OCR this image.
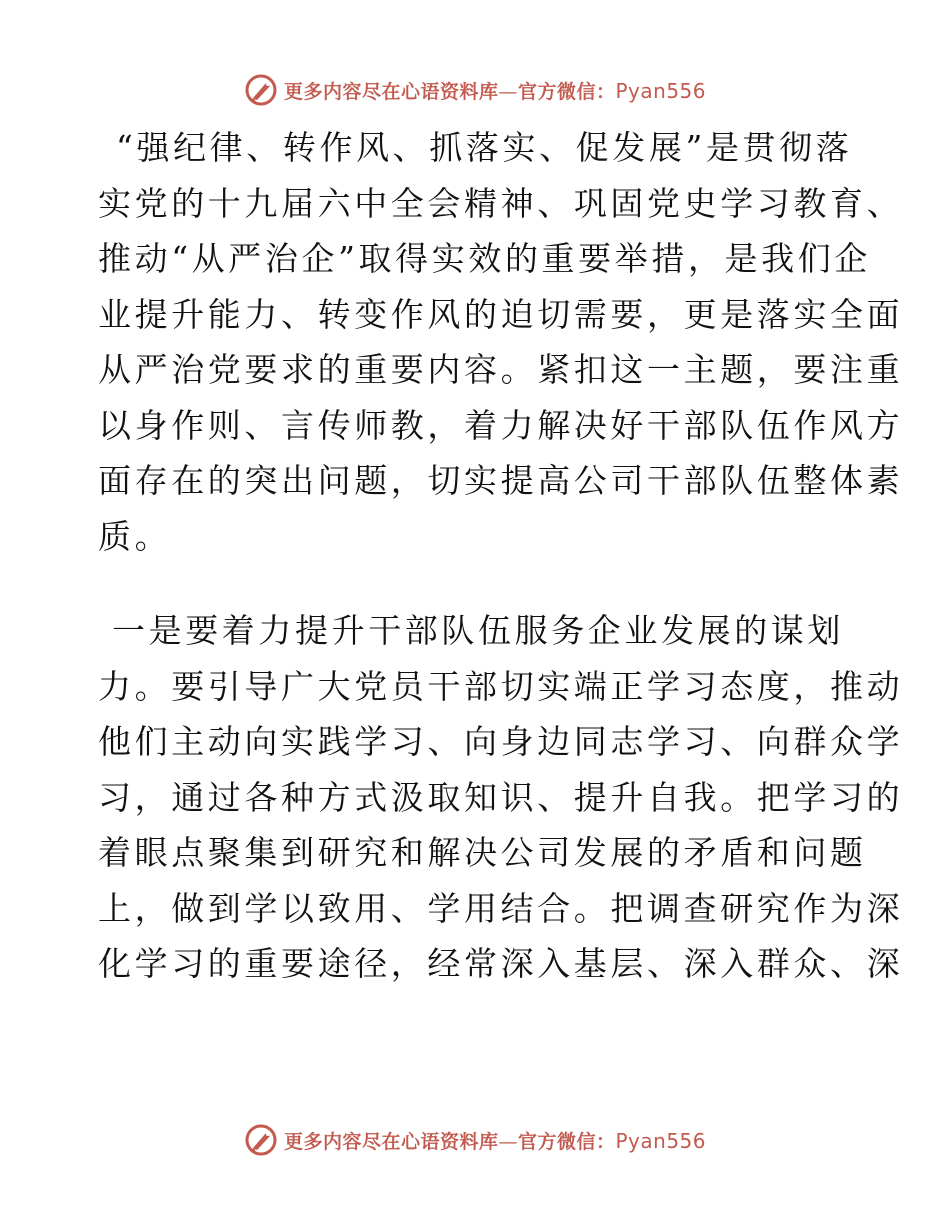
更多内容尽在心语资料库—官方微信：Pyan556
“强纪律、转作风、抓落实、促发展”是贯彻落
实党的十九届六中全会精神、巩固党史学习教育、
推动“从严治企”取得实效的重要举措，是我们企
业提升能力、转变作风的迫切需要，更是落实全面
从严治党要求的重要内容。紧扣这一主题，要注重
以身作则、言传师教，着力解决好干部队伍作风方
面存在的突出问题，切实提高公司干部队伍整体素
质。
一是要着力提升干部队伍服务企业发展的谋划
力。要引导广大党员干部切实端正学习态度，推动
他们主动向实践学习、向身边同志学习、向群众学
习，通过各种方式汲取知识、提升自我。把学习的
着眼点聚集到研究和解决公司发展的矛盾和问题
上，做到学以致用、学用结合。把调查研究作为深
化学习的重要途径，经常深入基层、深入群众、深
更多内容尽在心语资料库—官方微信：Pyan556
